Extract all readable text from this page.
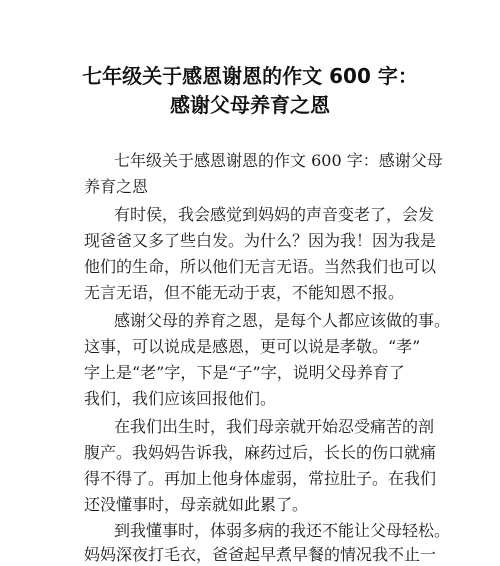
七年级关于感恩谢恩的作文 600 字：
感谢父母养育之恩
七年级关于感恩谢恩的作文 600 字：感谢父母
养育之恩
有时侯，我会感觉到妈妈的声音变老了，会发
现爸爸又多了些白发。为什么？因为我！因为我是
他们的生命，所以他们无言无语。当然我们也可以
无言无语，但不能无动于衷，不能知恩不报。
感谢父母的养育之恩，是每个人都应该做的事。
这事，可以说成是感恩，更可以说是孝敬。“孝”
字上是“老”字，下是“子”字，说明父母养育了
我们，我们应该回报他们。
在我们出生时，我们母亲就开始忍受痛苦的剖
腹产。我妈妈告诉我，麻药过后，长长的伤口就痛
得不得了。再加上他身体虚弱，常拉肚子。在我们
还没懂事时，母亲就如此累了。
到我懂事时，体弱多病的我还不能让父母轻松。
妈妈深夜打毛衣，爸爸起早煮早餐的情况我不止一
